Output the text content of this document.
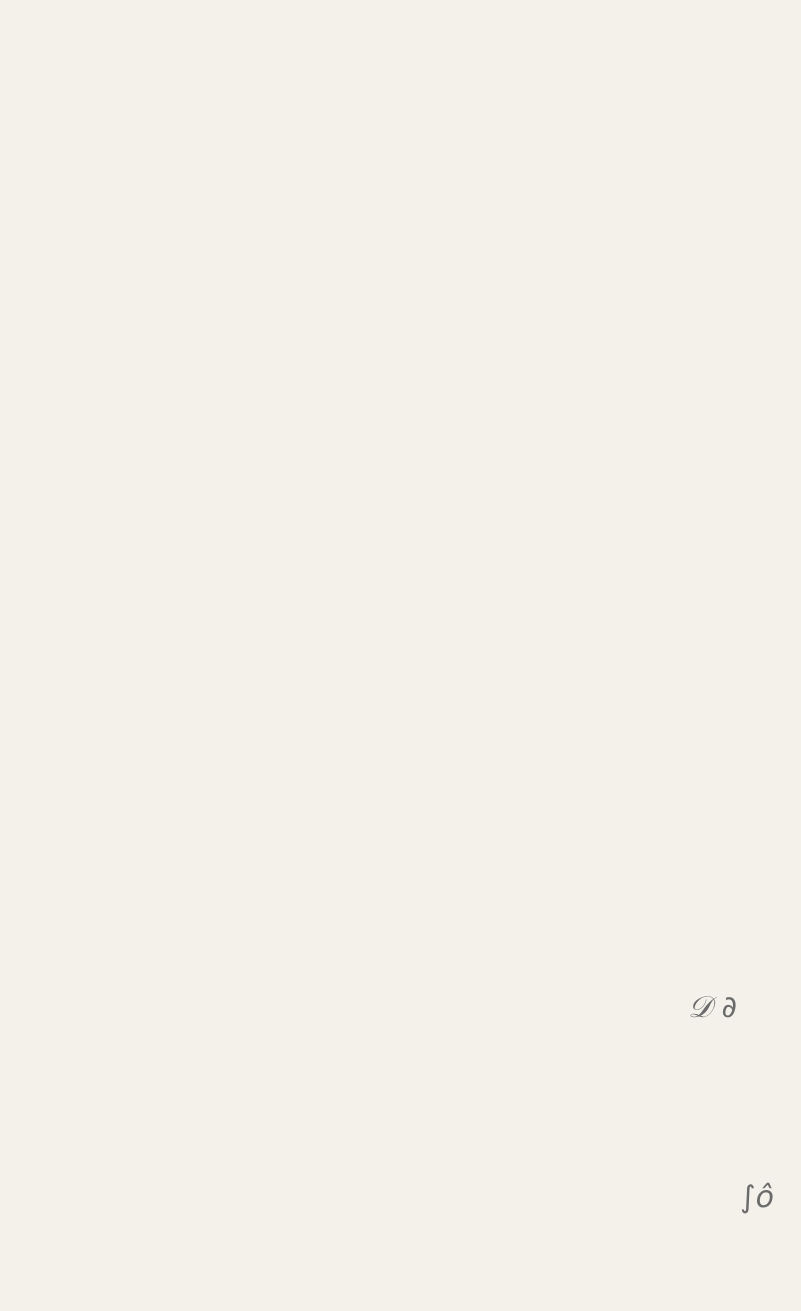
𝒟 ∂
∫ô
